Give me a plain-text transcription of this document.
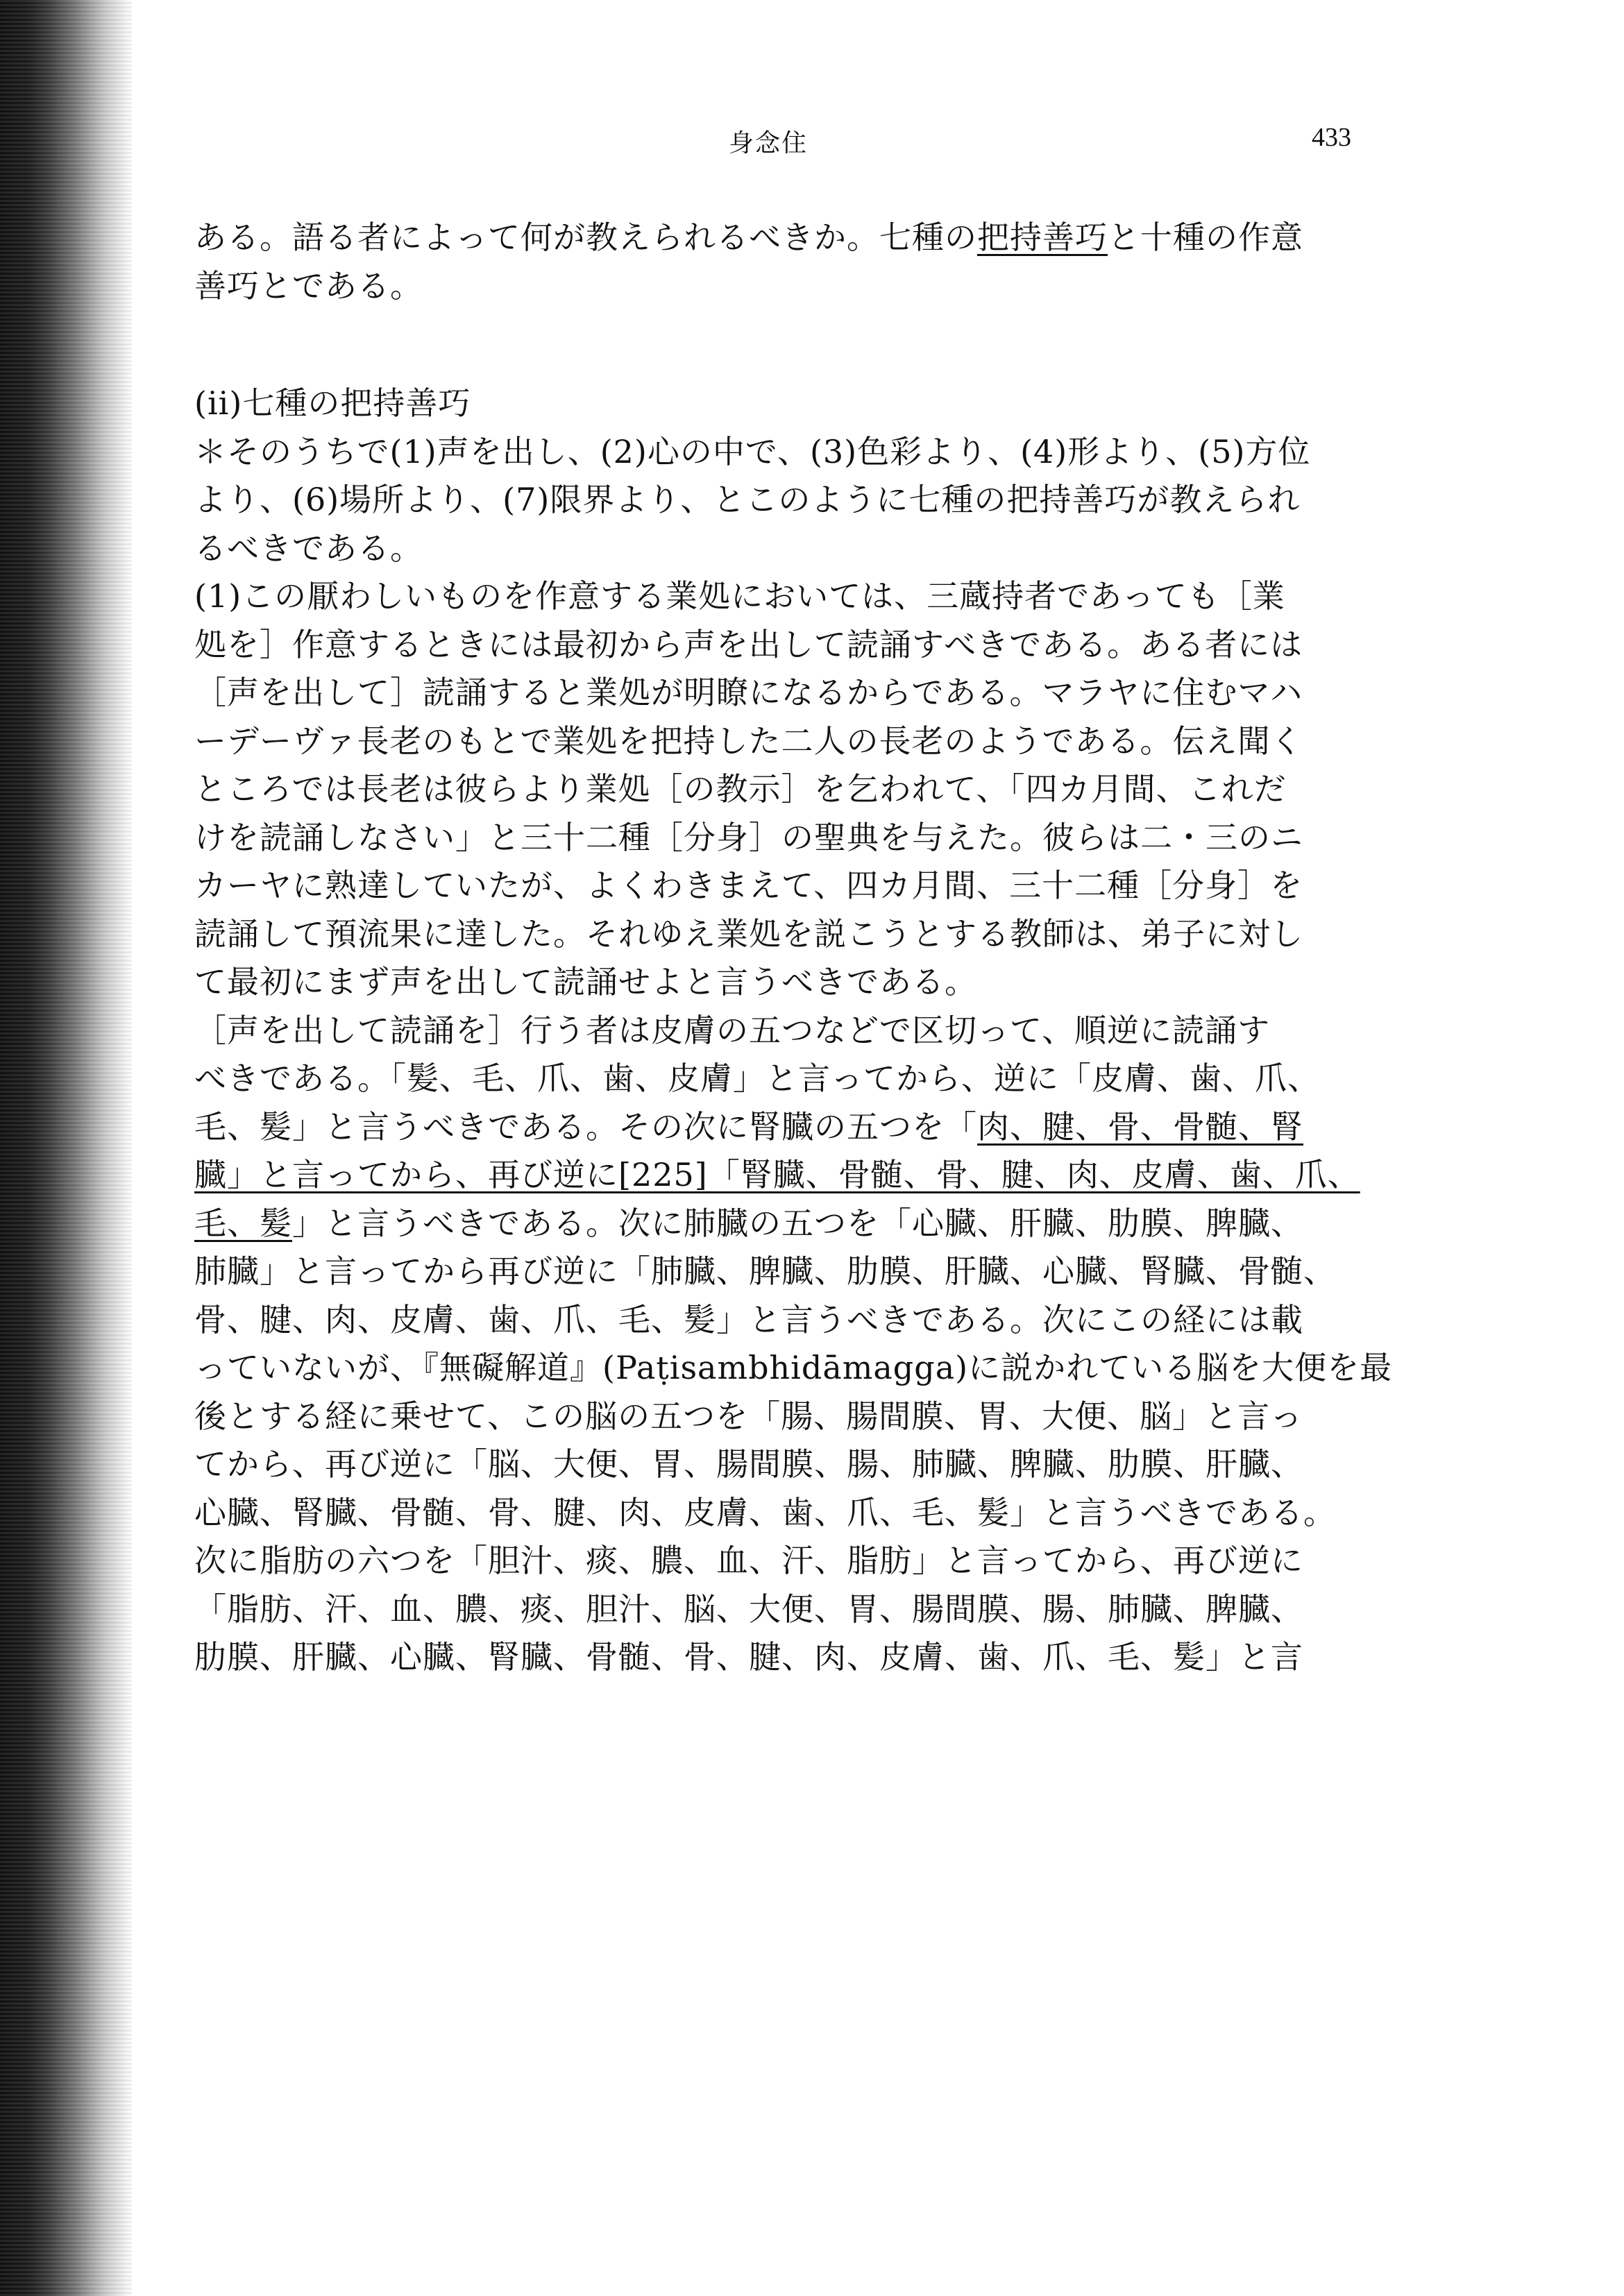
身念住	433
ある。語る者によって何が教えられるべきか。七種の把持善巧と十種の作意
善巧とである。
(ii)七種の把持善巧
＊そのうちで(1)声を出し、(2)心の中で、(3)色彩より、(4)形より、(5)方位
より、(6)場所より、(7)限界より、とこのように七種の把持善巧が教えられ
るべきである。
(1)この厭わしいものを作意する業処においては、三蔵持者であっても［業
処を］作意するときには最初から声を出して読誦すべきである。ある者には
［声を出して］読誦すると業処が明瞭になるからである。マラヤに住むマハ
ーデーヴァ長老のもとで業処を把持した二人の長老のようである。伝え聞く
ところでは長老は彼らより業処［の教示］を乞われて、「四カ月間、これだ
けを読誦しなさい」と三十二種［分身］の聖典を与えた。彼らは二・三のニ
カーヤに熟達していたが、よくわきまえて、四カ月間、三十二種［分身］を
読誦して預流果に達した。それゆえ業処を説こうとする教師は、弟子に対し
て最初にまず声を出して読誦せよと言うべきである。
［声を出して読誦を］行う者は皮膚の五つなどで区切って、順逆に読誦す
べきである。「髪、毛、爪、歯、皮膚」と言ってから、逆に「皮膚、歯、爪、
毛、髪」と言うべきである。その次に腎臓の五つを「肉、腱、骨、骨髄、腎
臓」と言ってから、再び逆に[225]「腎臓、骨髄、骨、腱、肉、皮膚、歯、爪、
毛、髪」と言うべきである。次に肺臓の五つを「心臓、肝臓、肋膜、脾臓、
肺臓」と言ってから再び逆に「肺臓、脾臓、肋膜、肝臓、心臓、腎臓、骨髄、
骨、腱、肉、皮膚、歯、爪、毛、髪」と言うべきである。次にこの経には載
っていないが、『無礙解道』(Paṭisambhidāmagga)に説かれている脳を大便を最
後とする経に乗せて、この脳の五つを「腸、腸間膜、胃、大便、脳」と言っ
てから、再び逆に「脳、大便、胃、腸間膜、腸、肺臓、脾臓、肋膜、肝臓、
心臓、腎臓、骨髄、骨、腱、肉、皮膚、歯、爪、毛、髪」と言うべきである。
次に脂肪の六つを「胆汁、痰、膿、血、汗、脂肪」と言ってから、再び逆に
「脂肪、汗、血、膿、痰、胆汁、脳、大便、胃、腸間膜、腸、肺臓、脾臓、
肋膜、肝臓、心臓、腎臓、骨髄、骨、腱、肉、皮膚、歯、爪、毛、髪」と言
